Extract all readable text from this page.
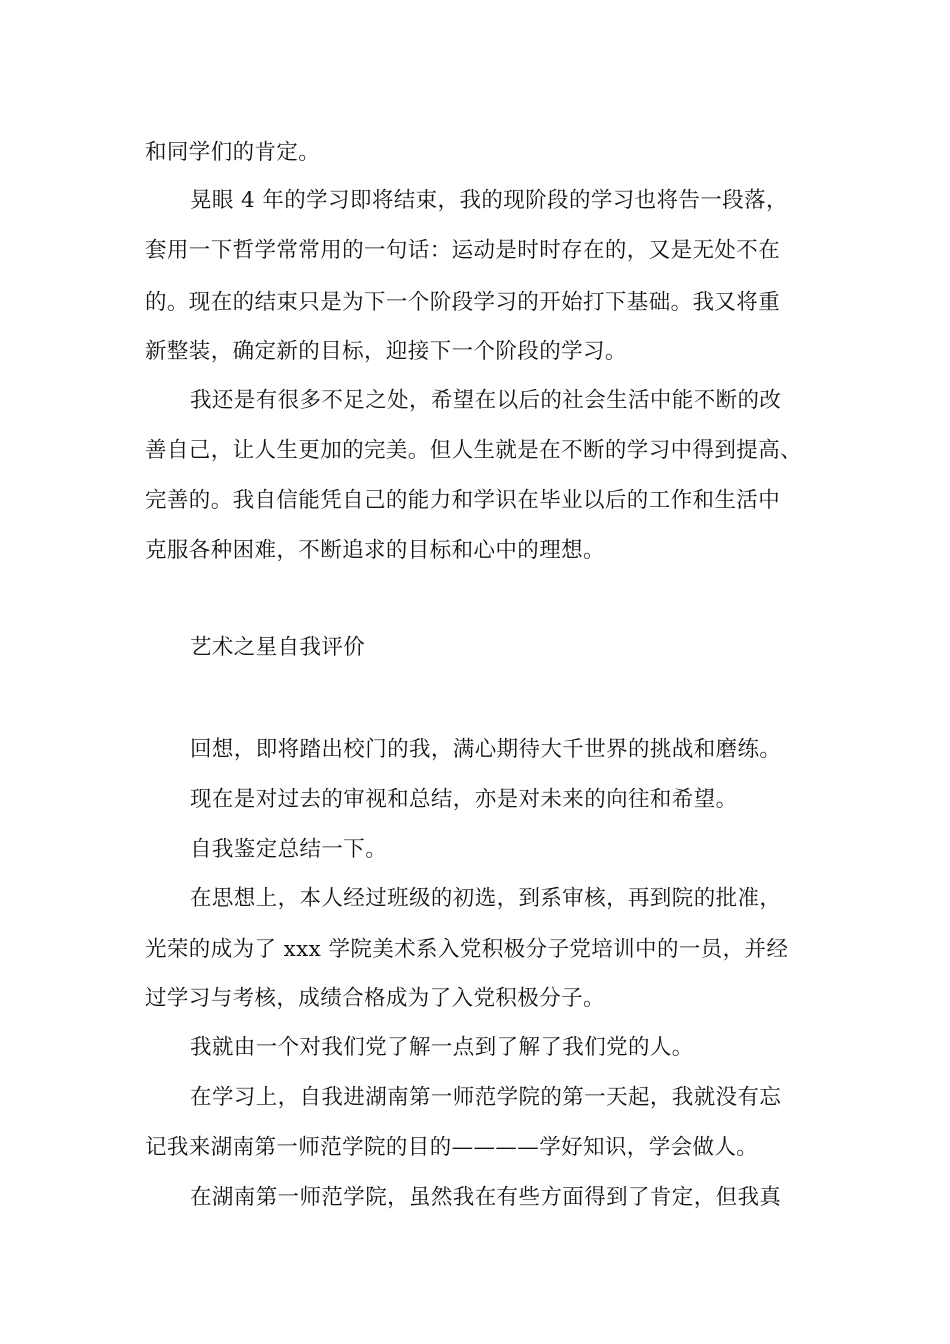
和同学们的肯定。
晃眼 4 年的学习即将结束，我的现阶段的学习也将告一段落，
套用一下哲学常常用的一句话：运动是时时存在的，又是无处不在
的。现在的结束只是为下一个阶段学习的开始打下基础。我又将重
新整装，确定新的目标，迎接下一个阶段的学习。
我还是有很多不足之处，希望在以后的社会生活中能不断的改
善自己，让人生更加的完美。但人生就是在不断的学习中得到提高、
完善的。我自信能凭自己的能力和学识在毕业以后的工作和生活中
克服各种困难，不断追求的目标和心中的理想。
艺术之星自我评价
回想，即将踏出校门的我，满心期待大千世界的挑战和磨练。
现在是对过去的审视和总结，亦是对未来的向往和希望。
自我鉴定总结一下。
在思想上，本人经过班级的初选，到系审核，再到院的批准，
光荣的成为了 xxx 学院美术系入党积极分子党培训中的一员，并经
过学习与考核，成绩合格成为了入党积极分子。
我就由一个对我们党了解一点到了解了我们党的人。
在学习上，自我进湖南第一师范学院的第一天起，我就没有忘
记我来湖南第一师范学院的目的————学好知识，学会做人。
在湖南第一师范学院，虽然我在有些方面得到了肯定，但我真
